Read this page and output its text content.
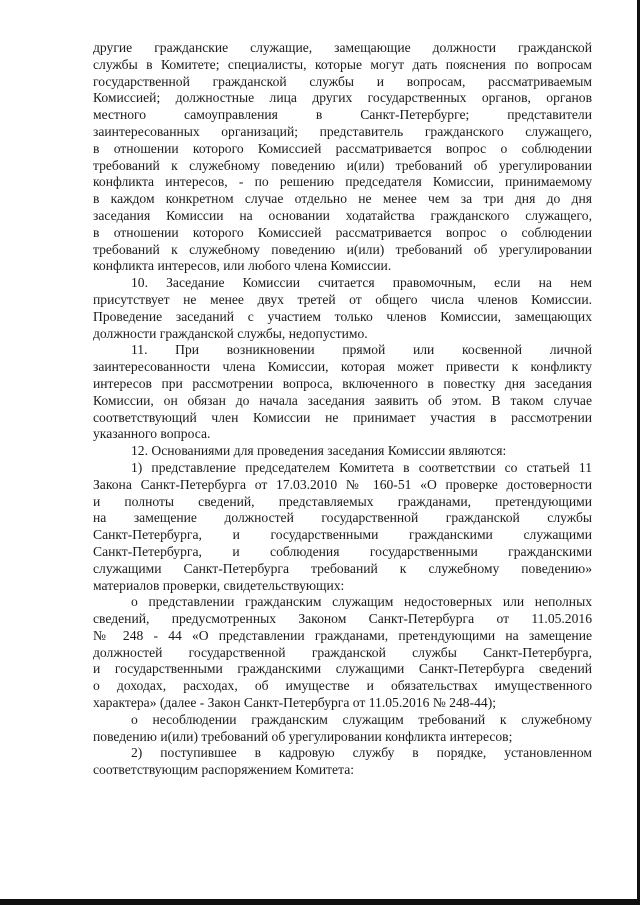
другие гражданские служащие, замещающие должности гражданской

службы в Комитете; специалисты, которые могут дать пояснения по вопросам

государственной гражданской службы и вопросам, рассматриваемым

Комиссией; должностные лица других государственных органов, органов

местного самоуправления в Санкт-Петербурге; представители

заинтересованных организаций; представитель гражданского служащего,

в отношении которого Комиссией рассматривается вопрос о соблюдении

требований к служебному поведению и(или) требований об урегулировании

конфликта интересов, - по решению председателя Комиссии, принимаемому

в каждом конкретном случае отдельно не менее чем за три дня до дня

заседания Комиссии на основании ходатайства гражданского служащего,

в отношении которого Комиссией рассматривается вопрос о соблюдении

требований к служебному поведению и(или) требований об урегулировании

конфликта интересов, или любого члена Комиссии.

10. Заседание Комиссии считается правомочным, если на нем

присутствует не менее двух третей от общего числа членов Комиссии.

Проведение заседаний с участием только членов Комиссии, замещающих

должности гражданской службы, недопустимо.

11. При возникновении прямой или косвенной личной

заинтересованности члена Комиссии, которая может привести к конфликту

интересов при рассмотрении вопроса, включенного в повестку дня заседания

Комиссии, он обязан до начала заседания заявить об этом. В таком случае

соответствующий член Комиссии не принимает участия в рассмотрении

указанного вопроса.

12. Основаниями для проведения заседания Комиссии являются:

1) представление председателем Комитета в соответствии со статьей 11

Закона Санкт-Петербурга от 17.03.2010 № 160-51 «О проверке достоверности

и полноты сведений, представляемых гражданами, претендующими

на замещение должностей государственной гражданской службы

Санкт-Петербурга, и государственными гражданскими служащими

Санкт-Петербурга, и соблюдения государственными гражданскими

служащими Санкт-Петербурга требований к служебному поведению»

материалов проверки, свидетельствующих:

о представлении гражданским служащим недостоверных или неполных

сведений, предусмотренных Законом Санкт-Петербурга от 11.05.2016

№ 248 - 44 «О представлении гражданами, претендующими на замещение

должностей государственной гражданской службы Санкт-Петербурга,

и государственными гражданскими служащими Санкт-Петербурга сведений

о доходах, расходах, об имуществе и обязательствах имущественного

характера» (далее - Закон Санкт-Петербурга от 11.05.2016 № 248-44);

о несоблюдении гражданским служащим требований к служебному

поведению и(или) требований об урегулировании конфликта интересов;

2) поступившее в кадровую службу в порядке, установленном

соответствующим распоряжением Комитета:
